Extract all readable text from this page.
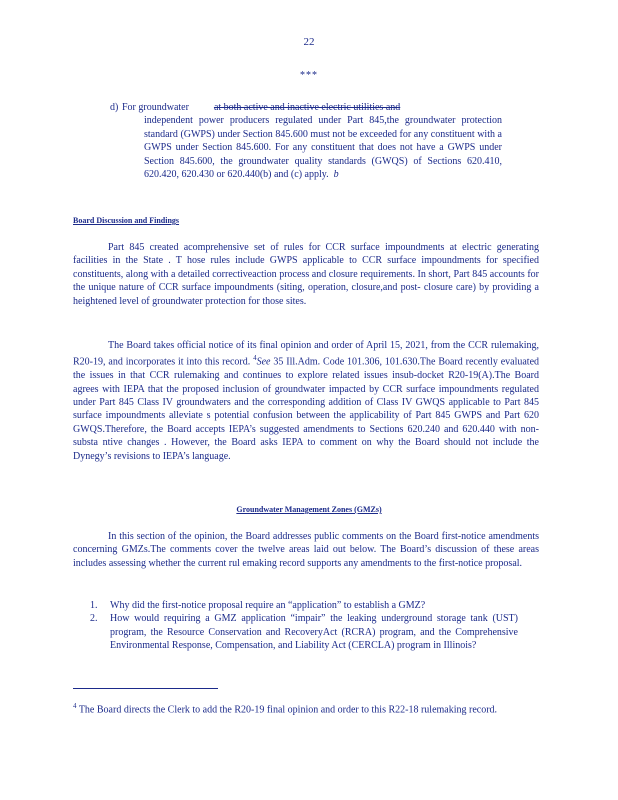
22
***
d) For groundwater	at both active and inactive electric utilities and
independent power producers regulated under Part 845,the groundwater protection standard (GWPS) under Section 845.600 must not be exceeded for any constituent with a GWPS under Section 845.600. For any constituent that does not have a GWPS under Section 845.600, the groundwater quality standards (GWQS) of Sections 620.410, 620.420, 620.430 or 620.440(b) and (c) apply. b
Board Discussion and Findings
Part 845 created acomprehensive set of rules for CCR surface impoundments at electric generating facilities in the State . T hose rules include GWPS applicable to CCR surface impoundments for specified constituents, along with a detailed correctiveaction process and closure requirements. In short, Part 845 accounts for the unique nature of CCR surface impoundments (siting, operation, closure,and post- closure care) by providing a heightened level of groundwater protection for those sites.
The Board takes official notice of its final opinion and order of April 15, 2021, from the CCR rulemaking, R20-19, and incorporates it into this record. $^4$See 35 Ill.Adm. Code 101.306, 101.630.The Board recently evaluated the issues in that CCR rulemaking and continues to explore related issues insub-docket R20-19(A).The Board agrees with IEPA that the proposed inclusion of groundwater impacted by CCR surface impoundments regulated under Part 845 Class IV groundwaters and the corresponding addition of Class IV GWQS applicable to Part 845 surface impoundments alleviate s potential confusion between the applicability of Part 845 GWPS and Part 620 GWQS.Therefore, the Board accepts IEPA’s suggested amendments to Sections 620.240 and 620.440 with non-substa ntive changes . However, the Board asks IEPA to comment on why the Board should not include the Dynegy’s revisions to IEPA’s language.
Groundwater Management Zones (GMZs)
In this section of the opinion, the Board addresses public comments on the Board first-notice amendments concerning GMZs.The comments cover the twelve areas laid out below. The Board’s discussion of these areas includes assessing whether the current rul emaking record supports any amendments to the first-notice proposal.
1. Why did the first-notice proposal require an “application” to establish a GMZ?
2. How would requiring a GMZ application “impair” the leaking underground storage tank (UST) program, the Resource Conservation and RecoveryAct (RCRA) program, and the Comprehensive Environmental Response, Compensation, and Liability Act (CERCLA) program in Illinois?
$^4$ The Board directs the Clerk to add the R20-19 final opinion and order to this R22-18 rulemaking record.
